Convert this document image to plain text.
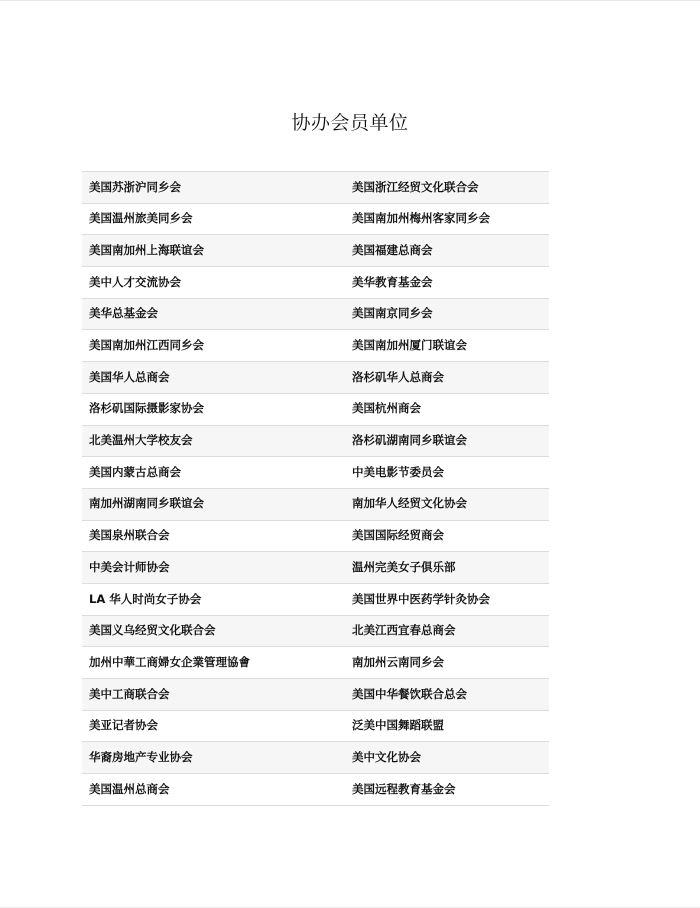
协办会员单位
美国苏浙沪同乡会	美国浙江经贸文化联合会
美国温州旅美同乡会	美国南加州梅州客家同乡会
美国南加州上海联谊会	美国福建总商会
美中人才交流协会	美华教育基金会
美华总基金会	美国南京同乡会
美国南加州江西同乡会	美国南加州厦门联谊会
美国华人总商会	洛杉矶华人总商会
洛杉矶国际摄影家协会	美国杭州商会
北美温州大学校友会	洛杉矶湖南同乡联谊会
美国内蒙古总商会	中美电影节委员会
南加州湖南同乡联谊会	南加华人经贸文化协会
美国泉州联合会	美国国际经贸商会
中美会计师协会	温州完美女子俱乐部
LA 华人时尚女子协会	美国世界中医药学针灸协会
美国义乌经贸文化联合会	北美江西宜春总商会
加州中華工商婦女企業管理協會	南加州云南同乡会
美中工商联合会	美国中华餐饮联合总会
美亚记者协会	泛美中国舞蹈联盟
华裔房地产专业协会	美中文化协会
美国温州总商会	美国远程教育基金会
